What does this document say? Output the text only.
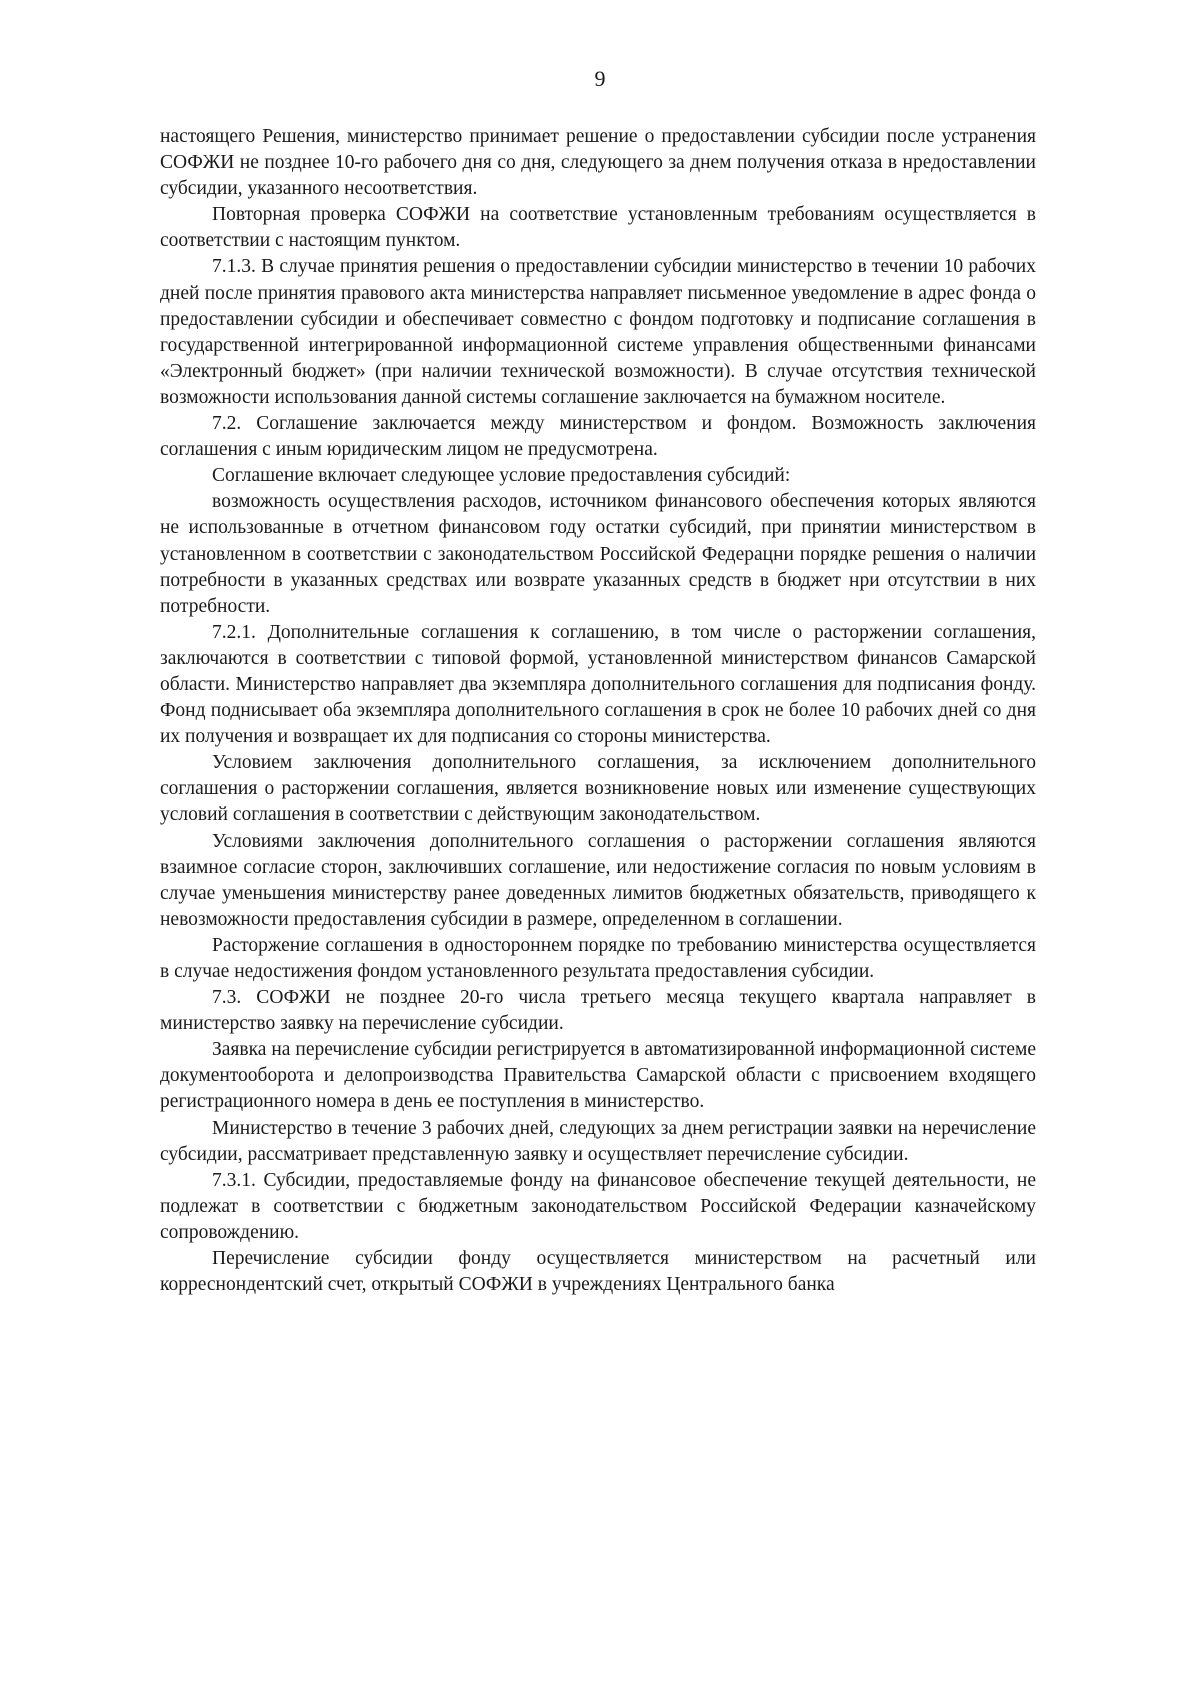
9

настоящего Решения, министерство принимает решение о предоставлении субсидии после устранения СОФЖИ не позднее 10-го рабочего дня со дня, следующего за днем получения отказа в нредоставлении субсидии, указанного несоответствия.

Повторная проверка СОФЖИ на соответствие установленным требованиям осуществляется в соответствии с настоящим пунктом.

7.1.3. В случае принятия решения о предоставлении субсидии министерство в течении 10 рабочих дней после принятия правового акта министерства направляет письменное уведомление в адрес фонда о предоставлении субсидии и обеспечивает совместно с фондом подготовку и подписание соглашения в государственной интегрированной информационной системе управления общественными финансами «Электронный бюджет» (при наличии технической возможности). В случае отсутствия технической возможности использования данной системы соглашение заключается на бумажном носителе.

7.2. Соглашение заключается между министерством и фондом. Возможность заключения соглашения с иным юридическим лицом не предусмотрена.

Соглашение включает следующее условие предоставления субсидий:

возможность осуществления расходов, источником финансового обеспечения которых являются не использованные в отчетном финансовом году остатки субсидий, при принятии министерством в установленном в соответствии с законодательством Российской Федерацни порядке решения о наличии потребности в указанных средствах или возврате указанных средств в бюджет нри отсутствии в них потребности.

7.2.1. Дополнительные соглашения к соглашению, в том числе о расторжении соглашения, заключаются в соответствии с типовой формой, установленной министерством финансов Самарской области. Министерство направляет два экземпляра дополнительного соглашения для подписания фонду. Фонд поднисывает оба экземпляра дополнительного соглашения в срок не более 10 рабочих дней со дня их получения и возвращает их для подписания со стороны министерства.

Условием заключения дополнительного соглашения, за исключением дополнительного соглашения о расторжении соглашения, является возникновение новых или изменение существующих условий соглашения в соответствии с действующим законодательством.

Условиями заключения дополнительного соглашения о расторжении соглашения являются взаимное согласие сторон, заключивших соглашение, или недостижение согласия по новым условиям в случае уменьшения министерству ранее доведенных лимитов бюджетных обязательств, приводящего к невозможности предоставления субсидии в размере, определенном в соглашении.

Расторжение соглашения в одностороннем порядке по требованию министерства осуществляется в случае недостижения фондом установленного результата предоставления субсидии.

7.3. СОФЖИ не позднее 20-го числа третьего месяца текущего квартала направляет в министерство заявку на перечисление субсидии.

Заявка на перечисление субсидии регистрируется в автоматизированной информационной системе документооборота и делопроизводства Правительства Самарской области с присвоением входящего регистрационного номера в день ее поступления в министерство.

Министерство в течение 3 рабочих дней, следующих за днем регистрации заявки на неречисление субсидии, рассматривает представленную заявку и осуществляет перечисление субсидии.

7.3.1. Субсидии, предоставляемые фонду на финансовое обеспечение текущей деятельности, не подлежат в соответствии с бюджетным законодательством Российской Федерации казначейскому сопровождению.

Перечисление субсидии фонду осуществляется министерством на расчетный или корреснондентский счет, открытый СОФЖИ в учреждениях Центрального банка
